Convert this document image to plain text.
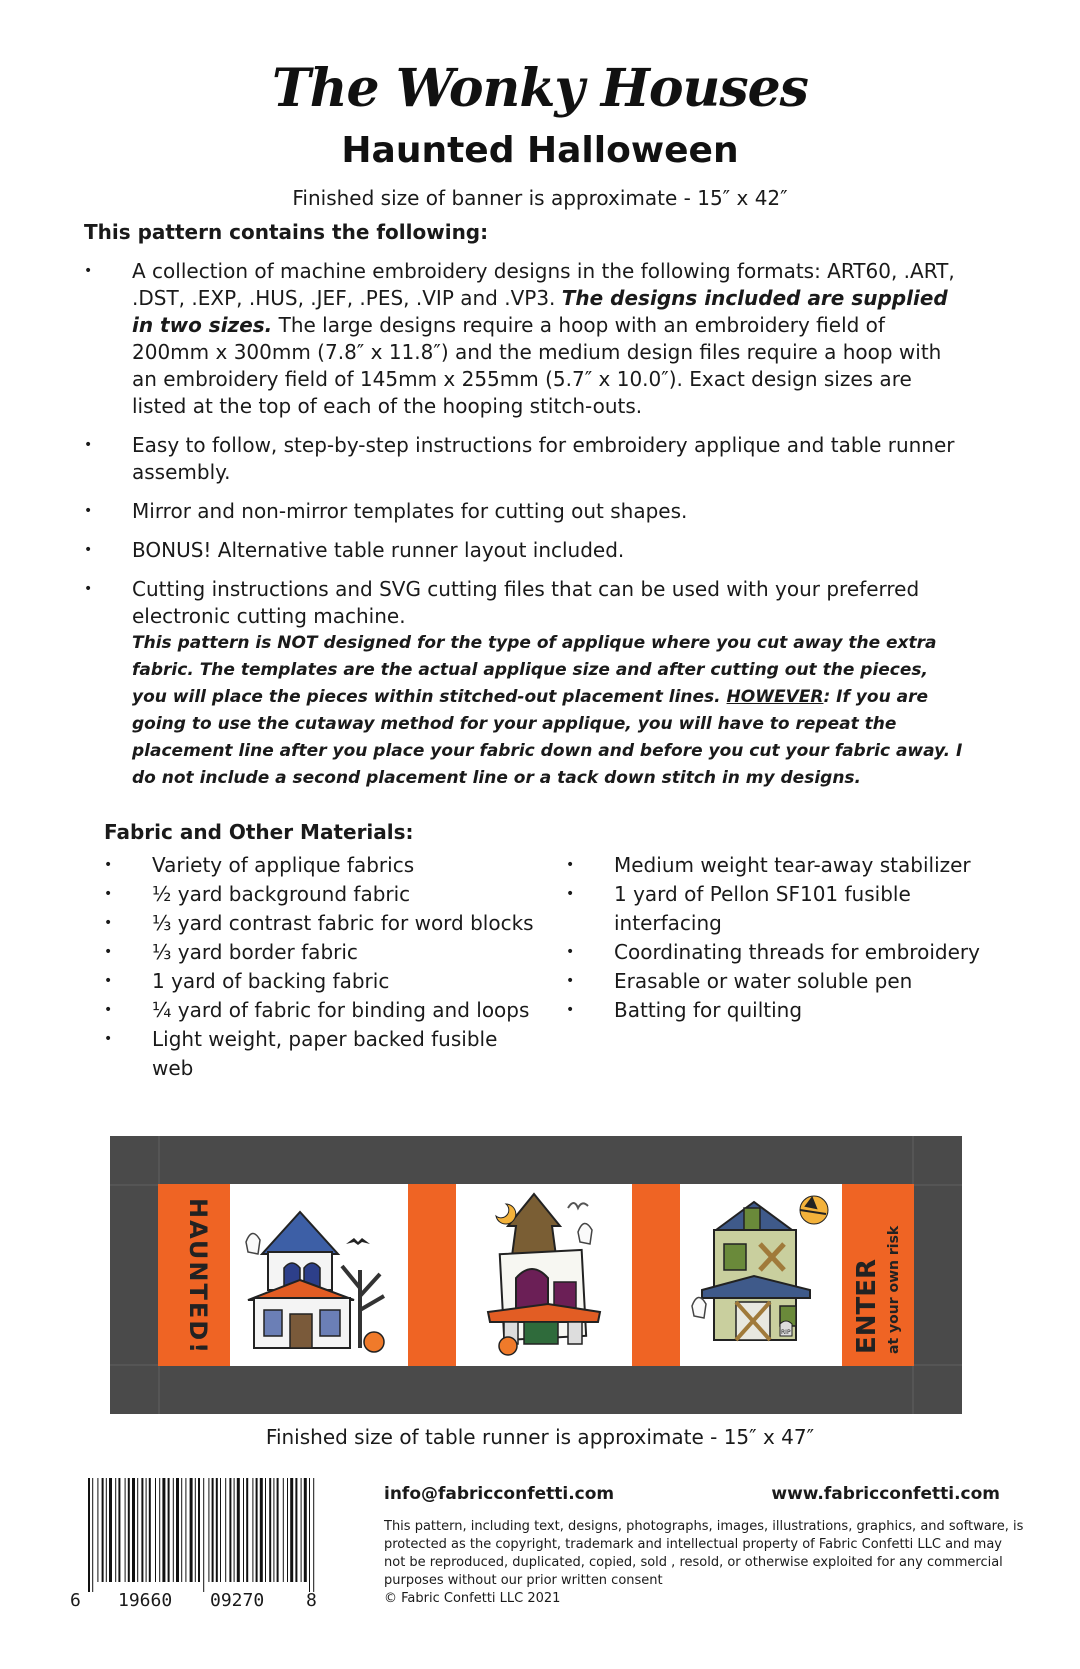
The Wonky Houses
Haunted Halloween
Finished size of banner is approximate - 15″ x 42″
This pattern contains the following:
• A collection of machine embroidery designs in the following formats: ART60, .ART, .DST, .EXP, .HUS, .JEF, .PES, .VIP and .VP3. The designs included are supplied in two sizes. The large designs require a hoop with an embroidery field of 200mm x 300mm (7.8″ x 11.8″) and the medium design files require a hoop with an embroidery field of 145mm x 255mm (5.7″ x 10.0″). Exact design sizes are listed at the top of each of the hooping stitch-outs.
• Easy to follow, step-by-step instructions for embroidery applique and table runner assembly.
• Mirror and non-mirror templates for cutting out shapes.
• BONUS! Alternative table runner layout included.
• Cutting instructions and SVG cutting files that can be used with your preferred electronic cutting machine.
This pattern is NOT designed for the type of applique where you cut away the extra fabric. The templates are the actual applique size and after cutting out the pieces, you will place the pieces within stitched-out placement lines. HOWEVER: If you are going to use the cutaway method for your applique, you will have to repeat the placement line after you place your fabric down and before you cut your fabric away. I do not include a second placement line or a tack down stitch in my designs.
Fabric and Other Materials:
• Variety of applique fabrics
• ½ yard background fabric
• ⅓ yard contrast fabric for word blocks
• ⅓ yard border fabric
• 1 yard of backing fabric
• ¼ yard of fabric for binding and loops
• Light weight, paper backed fusible web
• Medium weight tear-away stabilizer
• 1 yard of Pellon SF101 fusible interfacing
• Coordinating threads for embroidery
• Erasable or water soluble pen
• Batting for quilting
HAUNTED!	ENTER at your own risk
RIP
Finished size of table runner is approximate - 15″ x 47″
6 19660 09270 8
info@fabricconfetti.com	www.fabricconfetti.com
This pattern, including text, designs, photographs, images, illustrations, graphics, and software, is protected as the copyright, trademark and intellectual property of Fabric Confetti LLC and may not be reproduced, duplicated, copied, sold , resold, or otherwise exploited for any commercial purposes without our prior written consent
© Fabric Confetti LLC 2021
